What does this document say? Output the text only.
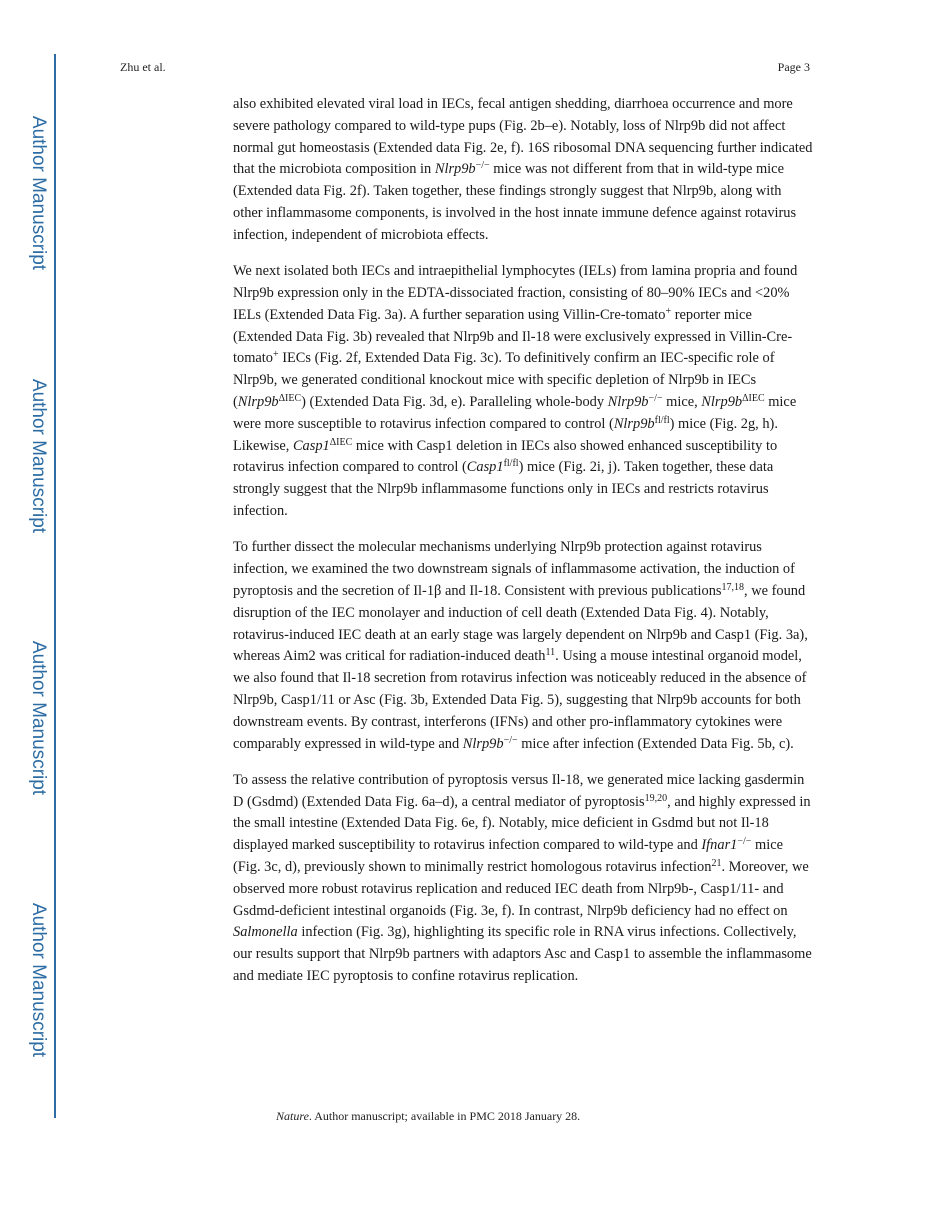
Author Manuscript
Author Manuscript
Author Manuscript
Author Manuscript
Zhu et al.	Page 3

also exhibited elevated viral load in IECs, fecal antigen shedding, diarrhoea occurrence and more severe pathology compared to wild-type pups (Fig. 2b–e). Notably, loss of Nlrp9b did not affect normal gut homeostasis (Extended data Fig. 2e, f). 16S ribosomal DNA sequencing further indicated that the microbiota composition in Nlrp9b−/− mice was not different from that in wild-type mice (Extended data Fig. 2f). Taken together, these findings strongly suggest that Nlrp9b, along with other inflammasome components, is involved in the host innate immune defence against rotavirus infection, independent of microbiota effects.

We next isolated both IECs and intraepithelial lymphocytes (IELs) from lamina propria and found Nlrp9b expression only in the EDTA-dissociated fraction, consisting of 80–90% IECs and <20% IELs (Extended Data Fig. 3a). A further separation using Villin-Cre-tomato+ reporter mice (Extended Data Fig. 3b) revealed that Nlrp9b and Il-18 were exclusively expressed in Villin-Cre-tomato+ IECs (Fig. 2f, Extended Data Fig. 3c). To definitively confirm an IEC-specific role of Nlrp9b, we generated conditional knockout mice with specific depletion of Nlrp9b in IECs $(Nlrp9b^{\Delta IEC})$ (Extended Data Fig. 3d, e). Paralleling whole-body Nlrp9b−/− mice, $Nlrp9b^{\Delta IEC}$ mice were more susceptible to rotavirus infection compared to control $(Nlrp9b^{fl/fl})$ mice (Fig. 2g, h). Likewise, $Casp1^{\Delta IEC}$ mice with Casp1 deletion in IECs also showed enhanced susceptibility to rotavirus infection compared to control $(Casp1^{fl/fl})$ mice (Fig. 2i, j). Taken together, these data strongly suggest that the Nlrp9b inflammasome functions only in IECs and restricts rotavirus infection.

To further dissect the molecular mechanisms underlying Nlrp9b protection against rotavirus infection, we examined the two downstream signals of inflammasome activation, the induction of pyroptosis and the secretion of Il-1β and Il-18. Consistent with previous publications$^{17,18}$, we found disruption of the IEC monolayer and induction of cell death (Extended Data Fig. 4). Notably, rotavirus-induced IEC death at an early stage was largely dependent on Nlrp9b and Casp1 (Fig. 3a), whereas Aim2 was critical for radiation-induced death$^{11}$. Using a mouse intestinal organoid model, we also found that Il-18 secretion from rotavirus infection was noticeably reduced in the absence of Nlrp9b, Casp1/11 or Asc (Fig. 3b, Extended Data Fig. 5), suggesting that Nlrp9b accounts for both downstream events. By contrast, interferons (IFNs) and other pro-inflammatory cytokines were comparably expressed in wild-type and Nlrp9b−/− mice after infection (Extended Data Fig. 5b, c).

To assess the relative contribution of pyroptosis versus Il-18, we generated mice lacking gasdermin D (Gsdmd) (Extended Data Fig. 6a–d), a central mediator of pyroptosis$^{19,20}$, and highly expressed in the small intestine (Extended Data Fig. 6e, f). Notably, mice deficient in Gsdmd but not Il-18 displayed marked susceptibility to rotavirus infection compared to wild-type and Ifnar1−/− mice (Fig. 3c, d), previously shown to minimally restrict homologous rotavirus infection$^{21}$. Moreover, we observed more robust rotavirus replication and reduced IEC death from Nlrp9b-, Casp1/11- and Gsdmd-deficient intestinal organoids (Fig. 3e, f). In contrast, Nlrp9b deficiency had no effect on Salmonella infection (Fig. 3g), highlighting its specific role in RNA virus infections. Collectively, our results support that Nlrp9b partners with adaptors Asc and Casp1 to assemble the inflammasome and mediate IEC pyroptosis to confine rotavirus replication.

Nature. Author manuscript; available in PMC 2018 January 28.
